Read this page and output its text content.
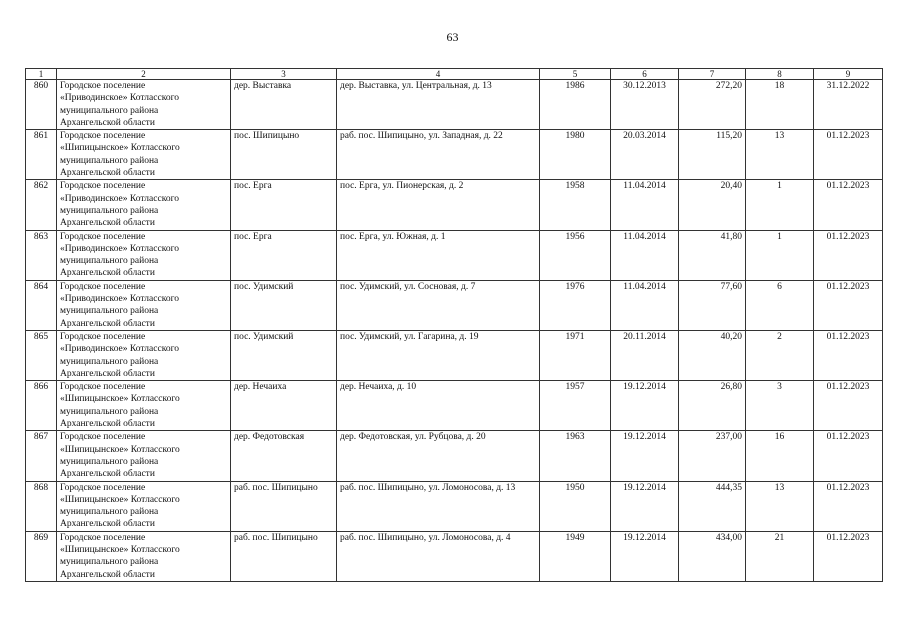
63
1	2	3	4	5	6	7	8	9
860	Городское поселение
«Приводинское» Котласского
муниципального района
Архангельской области	дер. Выставка	дер. Выставка, ул. Центральная, д. 13	1986	30.12.2013	272,20	18	31.12.2022
861	Городское поселение
«Шипицынское» Котласского
муниципального района
Архангельской области	пос. Шипицыно	раб. пос. Шипицыно, ул. Западная, д. 22	1980	20.03.2014	115,20	13	01.12.2023
862	Городское поселение
«Приводинское» Котласского
муниципального района
Архангельской области	пос. Ерга	пос. Ерга, ул. Пионерская, д. 2	1958	11.04.2014	20,40	1	01.12.2023
863	Городское поселение
«Приводинское» Котласского
муниципального района
Архангельской области	пос. Ерга	пос. Ерга, ул. Южная, д. 1	1956	11.04.2014	41,80	1	01.12.2023
864	Городское поселение
«Приводинское» Котласского
муниципального района
Архангельской области	пос. Удимский	пос. Удимский, ул. Сосновая, д. 7	1976	11.04.2014	77,60	6	01.12.2023
865	Городское поселение
«Приводинское» Котласского
муниципального района
Архангельской области	пос. Удимский	пос. Удимский, ул. Гагарина, д. 19	1971	20.11.2014	40,20	2	01.12.2023
866	Городское поселение
«Шипицынское» Котласского
муниципального района
Архангельской области	дер. Нечаиха	дер. Нечаиха, д. 10	1957	19.12.2014	26,80	3	01.12.2023
867	Городское поселение
«Шипицынское» Котласского
муниципального района
Архангельской области	дер. Федотовская	дер. Федотовская, ул. Рубцова, д. 20	1963	19.12.2014	237,00	16	01.12.2023
868	Городское поселение
«Шипицынское» Котласского
муниципального района
Архангельской области	раб. пос. Шипицыно	раб. пос. Шипицыно, ул. Ломоносова, д. 13	1950	19.12.2014	444,35	13	01.12.2023
869	Городское поселение
«Шипицынское» Котласского
муниципального района
Архангельской области	раб. пос. Шипицыно	раб. пос. Шипицыно, ул. Ломоносова, д. 4	1949	19.12.2014	434,00	21	01.12.2023
